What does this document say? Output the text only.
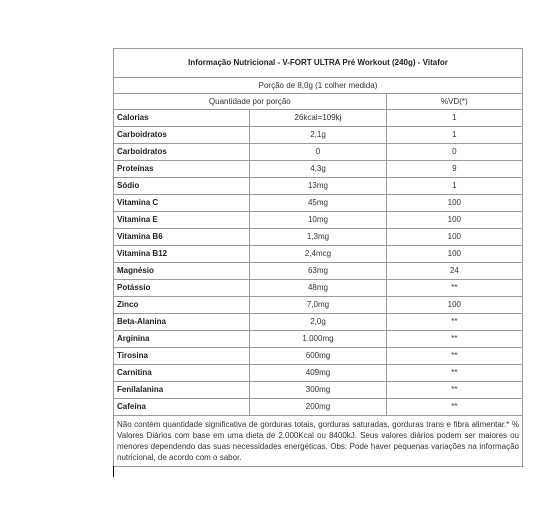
Informação Nutricional - V-FORT ULTRA Pré Workout (240g) - Vitafor		
Porção de 8,0g (1 colher medida)		
Quantidade por porção		%VD(*)
Calorias	26kcal=109kj	1
Carboidratos	2,1g	1
Carboidratos	0	0
Proteínas	4,3g	9
Sódio	13mg	1
Vitamina C	45mg	100
Vitamina E	10mg	100
Vitamina B6	1,3mg	100
Vitamina B12	2,4mcg	100
Magnésio	63mg	24
Potássio	48mg	**
Zinco	7,0mg	100
Beta-Alanina	2,0g	**
Arginina	1.000mg	**
Tirosina	600mg	**
Carnitina	409mg	**
Fenilalanina	300mg	**
Cafeína	200mg	**
Não contém quantidade significativa de gorduras totais, gorduras saturadas, gorduras trans e fibra alimentar.* % Valores Diários com base em uma dieta de 2.000Kcal ou 8400kJ. Seus valores diários podem ser maiores ou menores dependendo das suas necessidades energéticas. Obs: Pode haver pequenas variações na informação nutricional, de acordo com o sabor.		
